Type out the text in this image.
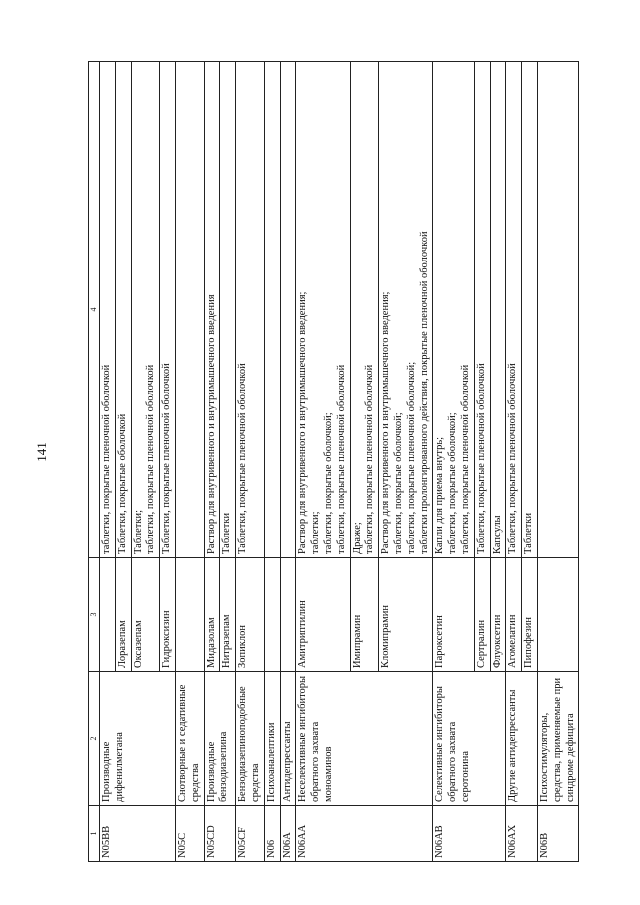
141
1	2	3	4
N05BB	Производные дифенилметана		таблетки, покрытые пленочной оболочкой

		Лоразепам	Таблетки, покрытые оболочкой

		Оксазепам	Таблетки; таблетки, покрытые пленочной оболочкой

		Гидроксизин	Таблетки, покрытые пленочной оболочкой

N05C	Снотворные и седативные средства		

N05CD	Производные бензодиазепина	Мидазолам	Раствор для внутривенного и внутримышечного введения

		Нитразепам	Таблетки

N05CF	Бензодиазепиноподобные средства	Зопиклон	Таблетки, покрытые пленочной оболочкой

N06	Психоаналептики		

N06A	Антидепрессанты		

N06AA	Неселективные ингибиторы обратного захвата моноаминов	Амитриптилин	Раствор для внутривенного и внутримышечного введения; таблетки; таблетки, покрытые оболочкой; таблетки, покрытые пленочной оболочкой

		Имипрамин	Драже; таблетки, покрытые пленочной оболочкой

		Кломипрамин	Раствор для внутривенного и внутримышечного введения; таблетки, покрытые оболочкой; таблетки, покрытые пленочной оболочкой; таблетки пролонгированного действия, покрытые пленочной оболочкой

N06AB	Селективные ингибиторы обратного захвата серотонина	Пароксетин	Капли для приема внутрь; таблетки, покрытые оболочкой; таблетки, покрытые пленочной оболочкой

		Сертралин	Таблетки, покрытые пленочной оболочкой

		Флуоксетин	Капсулы

N06AX	Другие антидепрессанты	Агомелатин	Таблетки, покрытые пленочной оболочкой

		Пипофезин	Таблетки

N06B	Психостимуляторы, средства, применяемые при синдроме дефицита		
